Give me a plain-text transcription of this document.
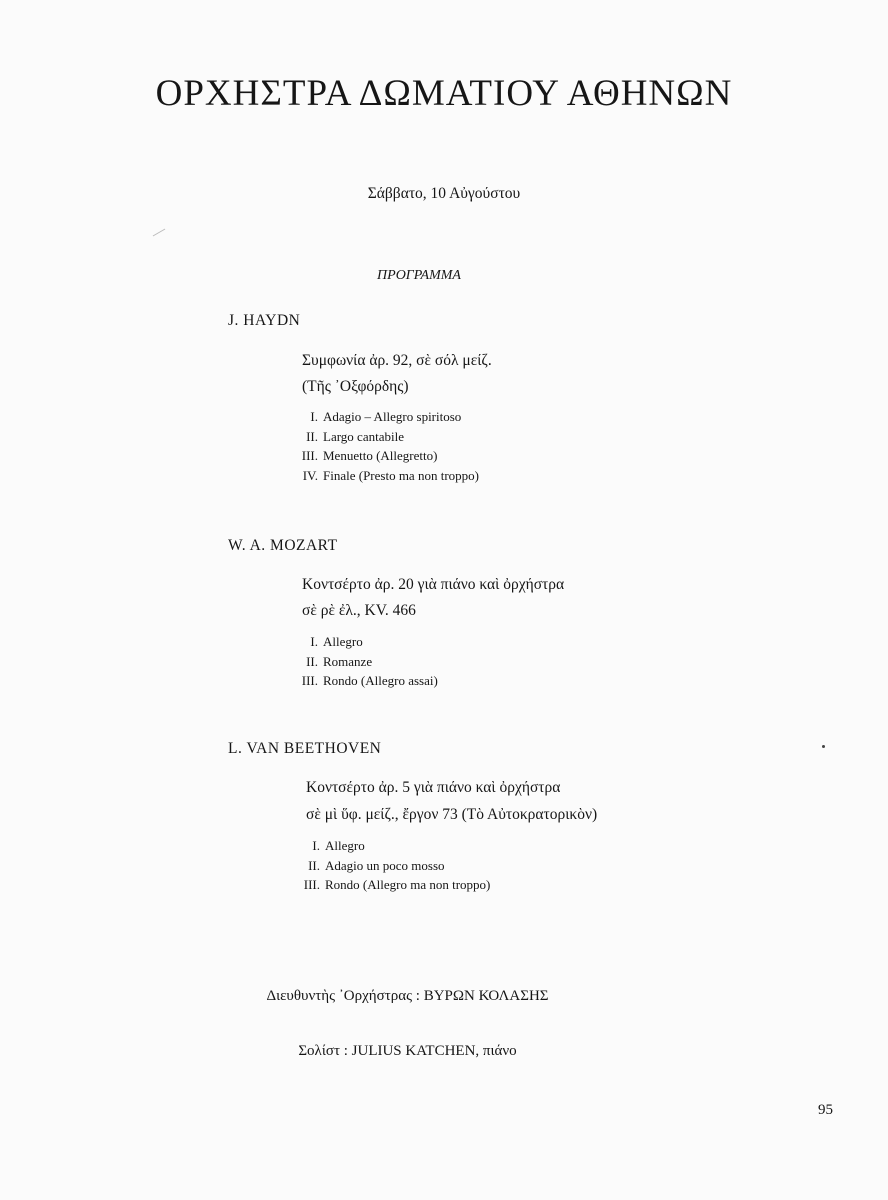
ΟΡΧΗΣΤΡΑ ΔΩΜΑΤΙΟΥ ΑΘΗΝΩΝ
Σάββατο, 10 Αὐγούστου
ΠΡΟΓΡΑΜΜΑ
J. HAYDN
Συμφωνία ἀρ. 92, σὲ σόλ μείζ.
(Τῆς ᾽Οξφόρδης)
I. Adagio – Allegro spiritoso
II. Largo cantabile
III. Menuetto (Allegretto)
IV. Finale (Presto ma non troppo)
W. A. MOZART
Κοντσέρτο ἀρ. 20 γιὰ πιάνο καὶ ὀρχήστρα
σὲ ρὲ ἐλ., KV. 466
I. Allegro
II. Romanze
III. Rondo (Allegro assai)
L. VAN BEETHOVEN
Κοντσέρτο ἀρ. 5 γιὰ πιάνο καὶ ὀρχήστρα
σὲ μὶ ὕφ. μείζ., ἔργον 73 (Τὸ Αὐτοκρατορικὸν)
I. Allegro
II. Adagio un poco mosso
III. Rondo (Allegro ma non troppo)
Διευθυντὴς ᾽Ορχήστρας : ΒΥΡΩΝ ΚΟΛΑΣΗΣ
Σολίστ : JULIUS KATCHEN, πιάνο
95
